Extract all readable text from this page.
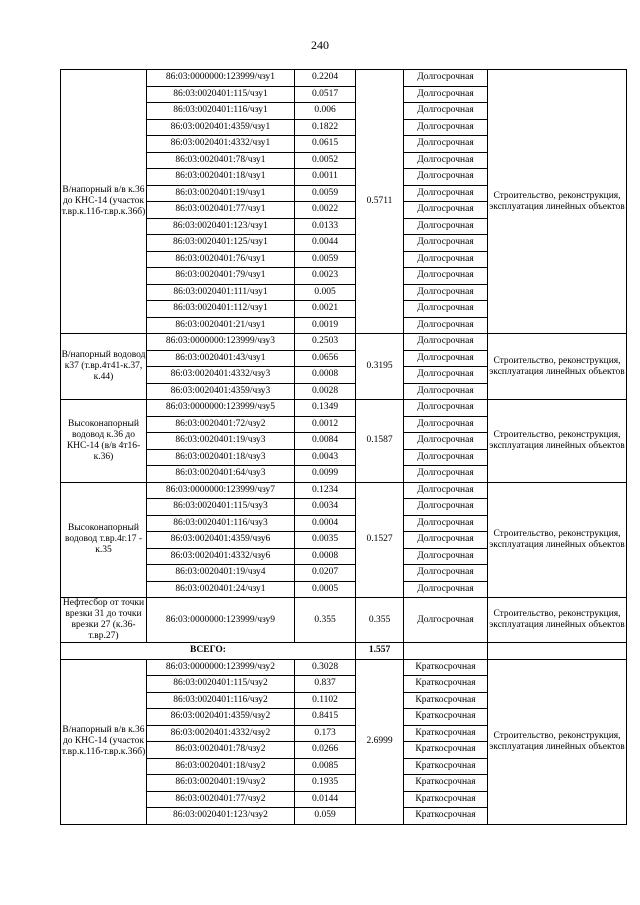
240
В/напорный в/в к.36 до КНС-14 (участок т.вр.к.11б-т.вр.к.36б)	86:03:0000000:123999/чзу1	0.2204	0.5711	Долгосрочная	Строительство, реконструкция, эксплуатация линейных объектов
	86:03:0020401:115/чзу1	0.0517		Долгосрочная	
	86:03:0020401:116/чзу1	0.006		Долгосрочная	
	86:03:0020401:4359/чзу1	0.1822		Долгосрочная	
	86:03:0020401:4332/чзу1	0.0615		Долгосрочная	
	86:03:0020401:78/чзу1	0.0052		Долгосрочная	
	86:03:0020401:18/чзу1	0.0011		Долгосрочная	
	86:03:0020401:19/чзу1	0.0059		Долгосрочная	
	86:03:0020401:77/чзу1	0.0022		Долгосрочная	
	86:03:0020401:123/чзу1	0.0133		Долгосрочная	
	86:03:0020401:125/чзу1	0.0044		Долгосрочная	
	86:03:0020401:76/чзу1	0.0059		Долгосрочная	
	86:03:0020401:79/чзу1	0.0023		Долгосрочная	
	86:03:0020401:111/чзу1	0.005		Долгосрочная	
	86:03:0020401:112/чзу1	0.0021		Долгосрочная	
	86:03:0020401:21/чзу1	0.0019		Долгосрочная	
В/напорный водовод к37 (т.вр.4т41-к.37, к.44)	86:03:0000000:123999/чзу3	0.2503	0.3195	Долгосрочная	Строительство, реконструкция, эксплуатация линейных объектов
	86:03:0020401:43/чзу1	0.0656		Долгосрочная	
	86:03:0020401:4332/чзу3	0.0008		Долгосрочная	
	86:03:0020401:4359/чзу3	0.0028		Долгосрочная	
Высоконапорный водовод к.36 до КНС-14 (в/в 4т16-к.36)	86:03:0000000:123999/чзу5	0.1349	0.1587	Долгосрочная	Строительство, реконструкция, эксплуатация линейных объектов
	86:03:0020401:72/чзу2	0.0012		Долгосрочная	
	86:03:0020401:19/чзу3	0.0084		Долгосрочная	
	86:03:0020401:18/чзу3	0.0043		Долгосрочная	
	86:03:0020401:64/чзу3	0.0099		Долгосрочная	
Высоконапорный водовод т.вр.4г.17 - к.35	86:03:0000000:123999/чзу7	0.1234	0.1527	Долгосрочная	Строительство, реконструкция, эксплуатация линейных объектов
	86:03:0020401:115/чзу3	0.0034		Долгосрочная	
	86:03:0020401:116/чзу3	0.0004		Долгосрочная	
	86:03:0020401:4359/чзу6	0.0035		Долгосрочная	
	86:03:0020401:4332/чзу6	0.0008		Долгосрочная	
	86:03:0020401:19/чзу4	0.0207		Долгосрочная	
	86:03:0020401:24/чзу1	0.0005		Долгосрочная	
Нефтесбор от точки врезки 31 до точки врезки 27 (к.36-т.вр.27)	86:03:0000000:123999/чзу9	0.355	0.355	Долгосрочная	Строительство, реконструкция, эксплуатация линейных объектов
ВСЕГО:			1.557		
В/напорный в/в к.36 до КНС-14 (участок т.вр.к.11б-т.вр.к.36б)	86:03:0000000:123999/чзу2	0.3028	2.6999	Краткосрочная	Строительство, реконструкция, эксплуатация линейных объектов
	86:03:0020401:115/чзу2	0.837		Краткосрочная	
	86:03:0020401:116/чзу2	0.1102		Краткосрочная	
	86:03:0020401:4359/чзу2	0.8415		Краткосрочная	
	86:03:0020401:4332/чзу2	0.173		Краткосрочная	
	86:03:0020401:78/чзу2	0.0266		Краткосрочная	
	86:03:0020401:18/чзу2	0.0085		Краткосрочная	
	86:03:0020401:19/чзу2	0.1935		Краткосрочная	
	86:03:0020401:77/чзу2	0.0144		Краткосрочная	
	86:03:0020401:123/чзу2	0.059		Краткосрочная	
